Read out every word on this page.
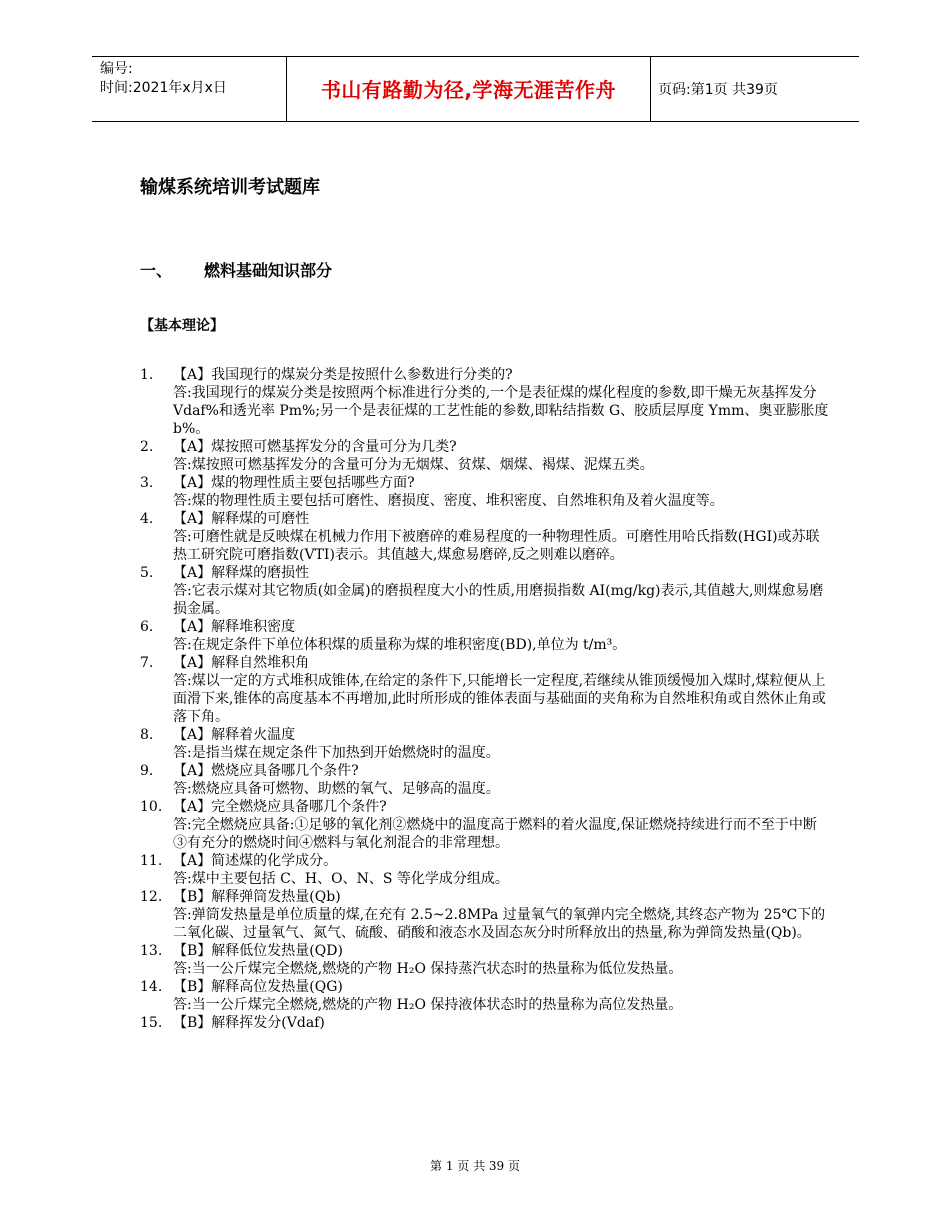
编号:
时间:2021年x月x日	书山有路勤为径,学海无涯苦作舟	页码:第1页 共39页
输煤系统培训考试题库
一、 燃料基础知识部分
【基本理论】
1. 【A】我国现行的煤炭分类是按照什么参数进行分类的?
答:我国现行的煤炭分类是按照两个标准进行分类的,一个是表征煤的煤化程度的参数,即干燥无灰基挥发分 Vdaf%和透光率 Pm%;另一个是表征煤的工艺性能的参数,即粘结指数 G、胶质层厚度 Ymm、奥亚膨胀度 b%。
2. 【A】煤按照可燃基挥发分的含量可分为几类?
答:煤按照可燃基挥发分的含量可分为无烟煤、贫煤、烟煤、褐煤、泥煤五类。
3. 【A】煤的物理性质主要包括哪些方面?
答:煤的物理性质主要包括可磨性、磨损度、密度、堆积密度、自然堆积角及着火温度等。
4. 【A】解释煤的可磨性
答:可磨性就是反映煤在机械力作用下被磨碎的难易程度的一种物理性质。可磨性用哈氏指数(HGI)或苏联热工研究院可磨指数(VTI)表示。其值越大,煤愈易磨碎,反之则难以磨碎。
5. 【A】解释煤的磨损性
答:它表示煤对其它物质(如金属)的磨损程度大小的性质,用磨损指数 AI(mg/kg)表示,其值越大,则煤愈易磨损金属。
6. 【A】解释堆积密度
答:在规定条件下单位体积煤的质量称为煤的堆积密度(BD),单位为 t/m³。
7. 【A】解释自然堆积角
答:煤以一定的方式堆积成锥体,在给定的条件下,只能增长一定程度,若继续从锥顶缓慢加入煤时,煤粒便从上面滑下来,锥体的高度基本不再增加,此时所形成的锥体表面与基础面的夹角称为自然堆积角或自然休止角或落下角。
8. 【A】解释着火温度
答:是指当煤在规定条件下加热到开始燃烧时的温度。
9. 【A】燃烧应具备哪几个条件?
答:燃烧应具备可燃物、助燃的氧气、足够高的温度。
10. 【A】完全燃烧应具备哪几个条件?
答:完全燃烧应具备:①足够的氧化剂②燃烧中的温度高于燃料的着火温度,保证燃烧持续进行而不至于中断③有充分的燃烧时间④燃料与氧化剂混合的非常理想。
11. 【A】简述煤的化学成分。
答:煤中主要包括 C、H、O、N、S 等化学成分组成。
12. 【B】解释弹筒发热量(Qb)
答:弹筒发热量是单位质量的煤,在充有 2.5~2.8MPa 过量氧气的氧弹内完全燃烧,其终态产物为 25℃下的二氧化碳、过量氧气、氮气、硫酸、硝酸和液态水及固态灰分时所释放出的热量,称为弹筒发热量(Qb)。
13. 【B】解释低位发热量(QD)
答:当一公斤煤完全燃烧,燃烧的产物 H₂O 保持蒸汽状态时的热量称为低位发热量。
14. 【B】解释高位发热量(QG)
答:当一公斤煤完全燃烧,燃烧的产物 H₂O 保持液体状态时的热量称为高位发热量。
15. 【B】解释挥发分(Vdaf)
第 1 页 共 39 页
